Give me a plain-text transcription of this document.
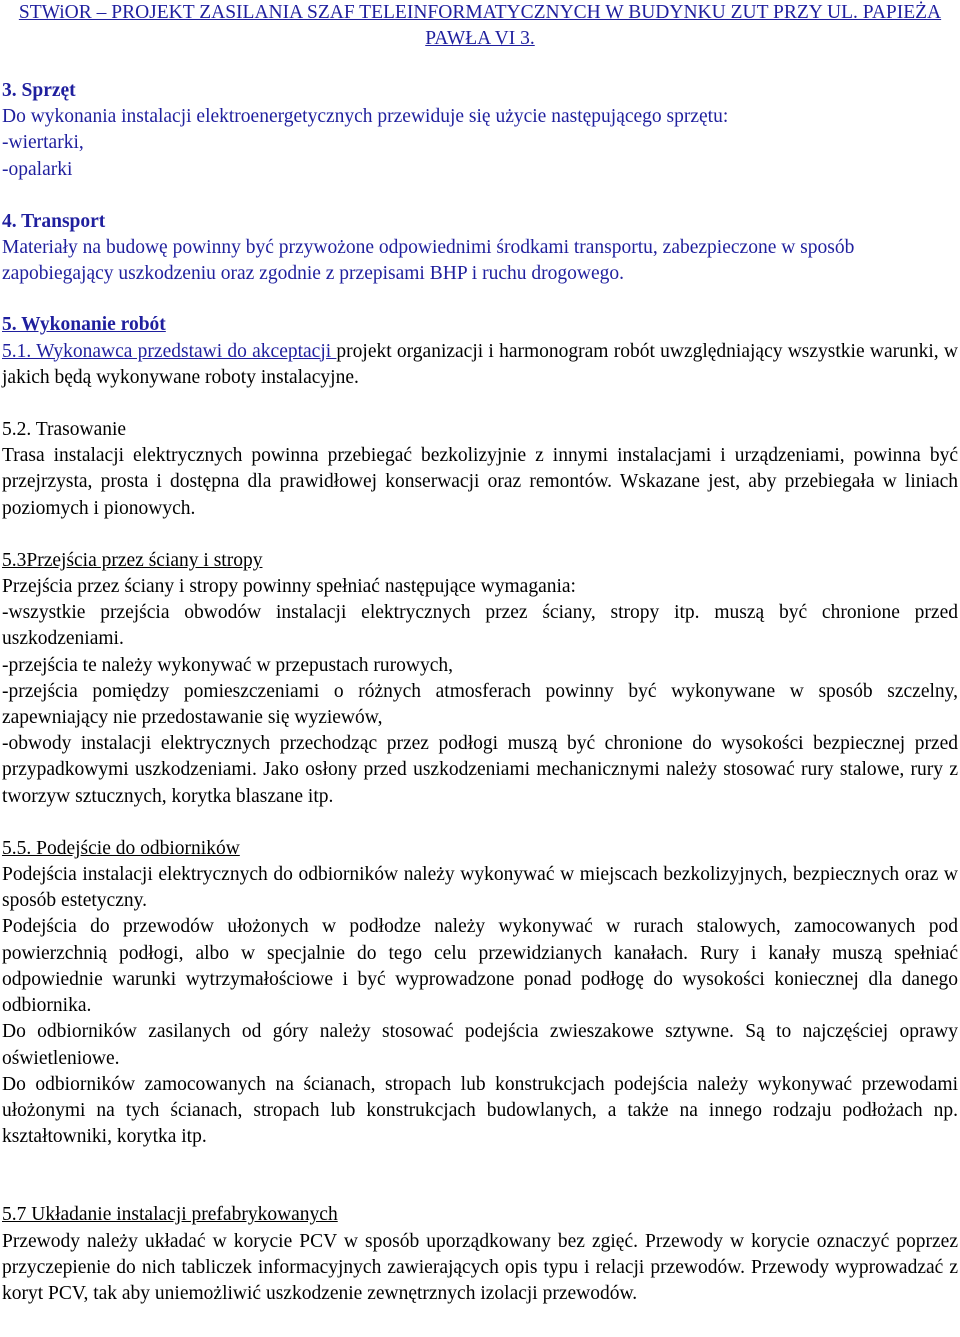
STWiOR – PROJEKT ZASILANIA SZAF TELEINFORMATYCZNYCH W BUDYNKU ZUT PRZY UL. PAPIEŻA
PAWŁA VI 3.

3. Sprzęt

Do wykonania instalacji elektroenergetycznych przewiduje się użycie następującego sprzętu:

-wiertarki,

-opalarki

4. Transport

Materiały na budowę powinny być przywożone odpowiednimi środkami transportu, zabezpieczone w sposób zapobiegający uszkodzeniu oraz zgodnie z przepisami BHP i ruchu drogowego.

5. Wykonanie robót

5.1. Wykonawca przedstawi do akceptacji projekt organizacji i harmonogram robót uwzględniający wszystkie warunki, w jakich będą wykonywane roboty instalacyjne.

5.2. Trasowanie

Trasa instalacji elektrycznych powinna przebiegać bezkolizyjnie z innymi instalacjami i urządzeniami, powinna być przejrzysta, prosta i dostępna dla prawidłowej konserwacji oraz remontów. Wskazane jest, aby przebiegała w liniach poziomych i pionowych.

5.3Przejścia przez ściany i stropy

Przejścia przez ściany i stropy powinny spełniać następujące wymagania:

-wszystkie przejścia obwodów instalacji elektrycznych przez ściany, stropy itp. muszą być chronione przed uszkodzeniami.

-przejścia te należy wykonywać w przepustach rurowych,

-przejścia pomiędzy pomieszczeniami o różnych atmosferach powinny być wykonywane w sposób szczelny, zapewniający nie przedostawanie się wyziewów,

-obwody instalacji elektrycznych przechodząc przez podłogi muszą być chronione do wysokości bezpiecznej przed przypadkowymi uszkodzeniami. Jako osłony przed uszkodzeniami mechanicznymi należy stosować rury stalowe, rury z tworzyw sztucznych, korytka blaszane itp.

5.5. Podejście do odbiorników

Podejścia instalacji elektrycznych do odbiorników należy wykonywać w miejscach bezkolizyjnych, bezpiecznych oraz w sposób estetyczny.

Podejścia do przewodów ułożonych w podłodze należy wykonywać w rurach stalowych, zamocowanych pod powierzchnią podłogi, albo w specjalnie do tego celu przewidzianych kanałach. Rury i kanały muszą spełniać odpowiednie warunki wytrzymałościowe i być wyprowadzone ponad podłogę do wysokości koniecznej dla danego odbiornika.

Do odbiorników zasilanych od góry należy stosować podejścia zwieszakowe sztywne. Są to najczęściej oprawy oświetleniowe.

Do odbiorników zamocowanych na ścianach, stropach lub konstrukcjach podejścia należy wykonywać przewodami ułożonymi na tych ścianach, stropach lub konstrukcjach budowlanych, a także na innego rodzaju podłożach np. kształtowniki, korytka itp.

5.7 Układanie instalacji prefabrykowanych

Przewody należy układać w korycie PCV w sposób uporządkowany bez zgięć. Przewody w korycie oznaczyć poprzez przyczepienie do nich tabliczek informacyjnych zawierających opis typu i relacji przewodów. Przewody wyprowadzać z koryt PCV, tak aby uniemożliwić uszkodzenie zewnętrznych izolacji przewodów.
